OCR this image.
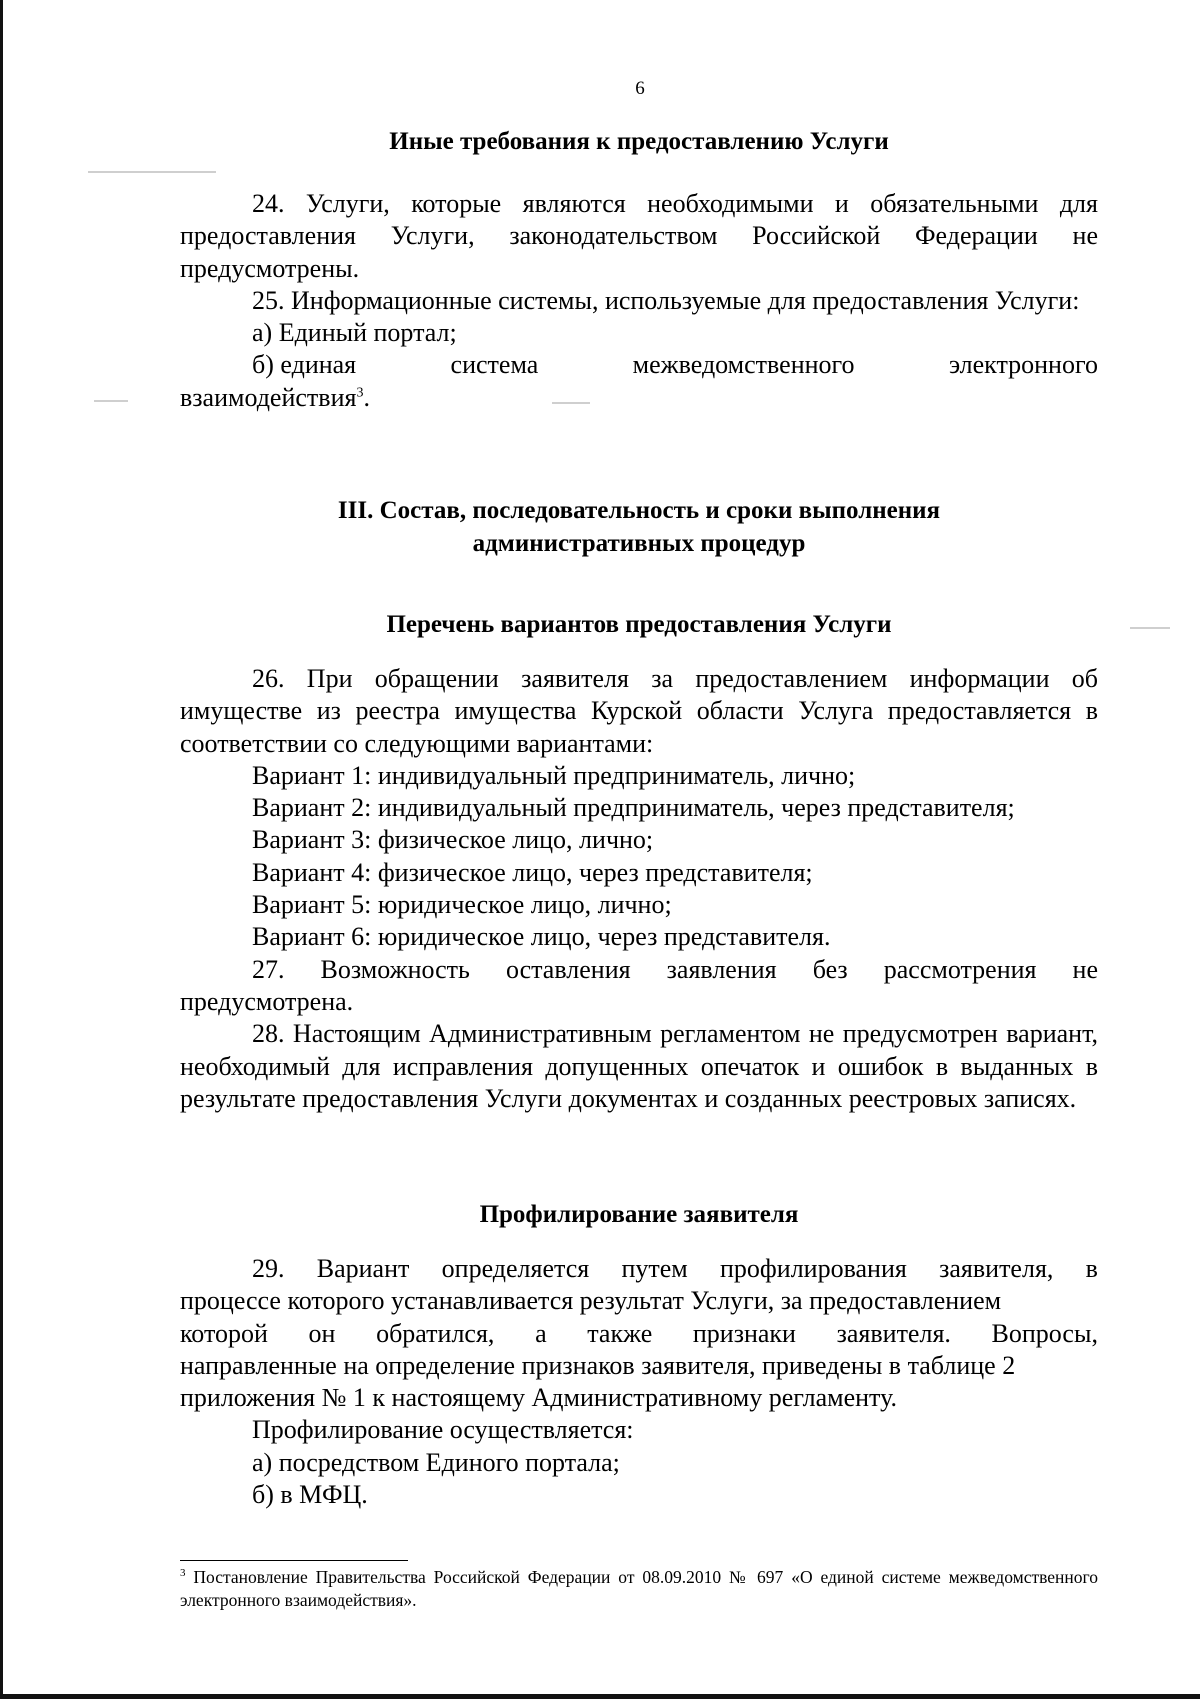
6
Иные требования к предоставлению Услуги

24. Услуги, которые являются необходимыми и обязательными для предоставления Услуги, законодательством Российской Федерации не предусмотрены.

25. Информационные системы, используемые для предоставления Услуги:

а) Единый портал;

б) единая	система	межведомственного	электронного
взаимодействия$^3$.
III. Состав, последовательность и сроки выполнения
административных процедур
Перечень вариантов предоставления Услуги

26. При обращении заявителя за предоставлением информации об имуществе из реестра имущества Курской области Услуга предоставляется в соответствии со следующими вариантами:

Вариант 1: индивидуальный предприниматель, лично;

Вариант 2: индивидуальный предприниматель, через представителя;

Вариант 3: физическое лицо, лично;

Вариант 4: физическое лицо, через представителя;

Вариант 5: юридическое лицо, лично;

Вариант 6: юридическое лицо, через представителя.

27. Возможность оставления заявления без рассмотрения не предусмотрена.

28. Настоящим Административным регламентом не предусмотрен вариант, необходимый для исправления допущенных опечаток и ошибок в выданных в результате предоставления Услуги документах и созданных реестровых записях.

Профилирование заявителя
29. Вариант определяется путем профилирования заявителя, в
процессе которого устанавливается результат Услуги, за предоставлением
которой он обратился, а также признаки заявителя. Вопросы,
направленные на определение признаков заявителя, приведены в таблице 2
приложения № 1 к настоящему Административному регламенту.

Профилирование осуществляется:

а) посредством Единого портала;

б) в МФЦ.

$^3$ Постановление Правительства Российской Федерации от 08.09.2010 № 697 «О единой системе межведомственного электронного взаимодействия».
